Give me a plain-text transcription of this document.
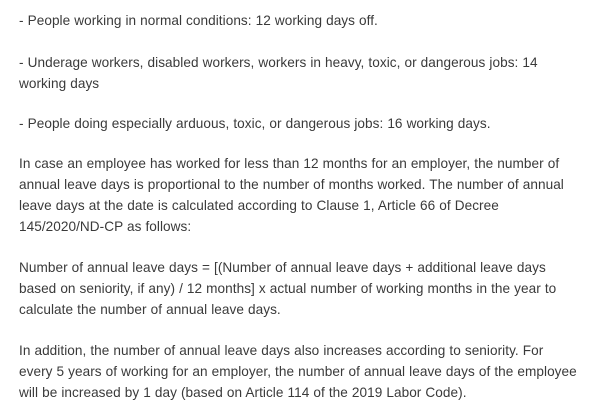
- People working in normal conditions: 12 working days off.

- Underage workers, disabled workers, workers in heavy, toxic, or dangerous jobs: 14 working days

- People doing especially arduous, toxic, or dangerous jobs: 16 working days.

In case an employee has worked for less than 12 months for an employer, the number of annual leave days is proportional to the number of months worked. The number of annual leave days at the date is calculated according to Clause 1, Article 66 of Decree 145/2020/ND-CP as follows:

Number of annual leave days = [(Number of annual leave days + additional leave days based on seniority, if any) / 12 months] x actual number of working months in the year to calculate the number of annual leave days.

In addition, the number of annual leave days also increases according to seniority. For every 5 years of working for an employer, the number of annual leave days of the employee will be increased by 1 day (based on Article 114 of the 2019 Labor Code).
